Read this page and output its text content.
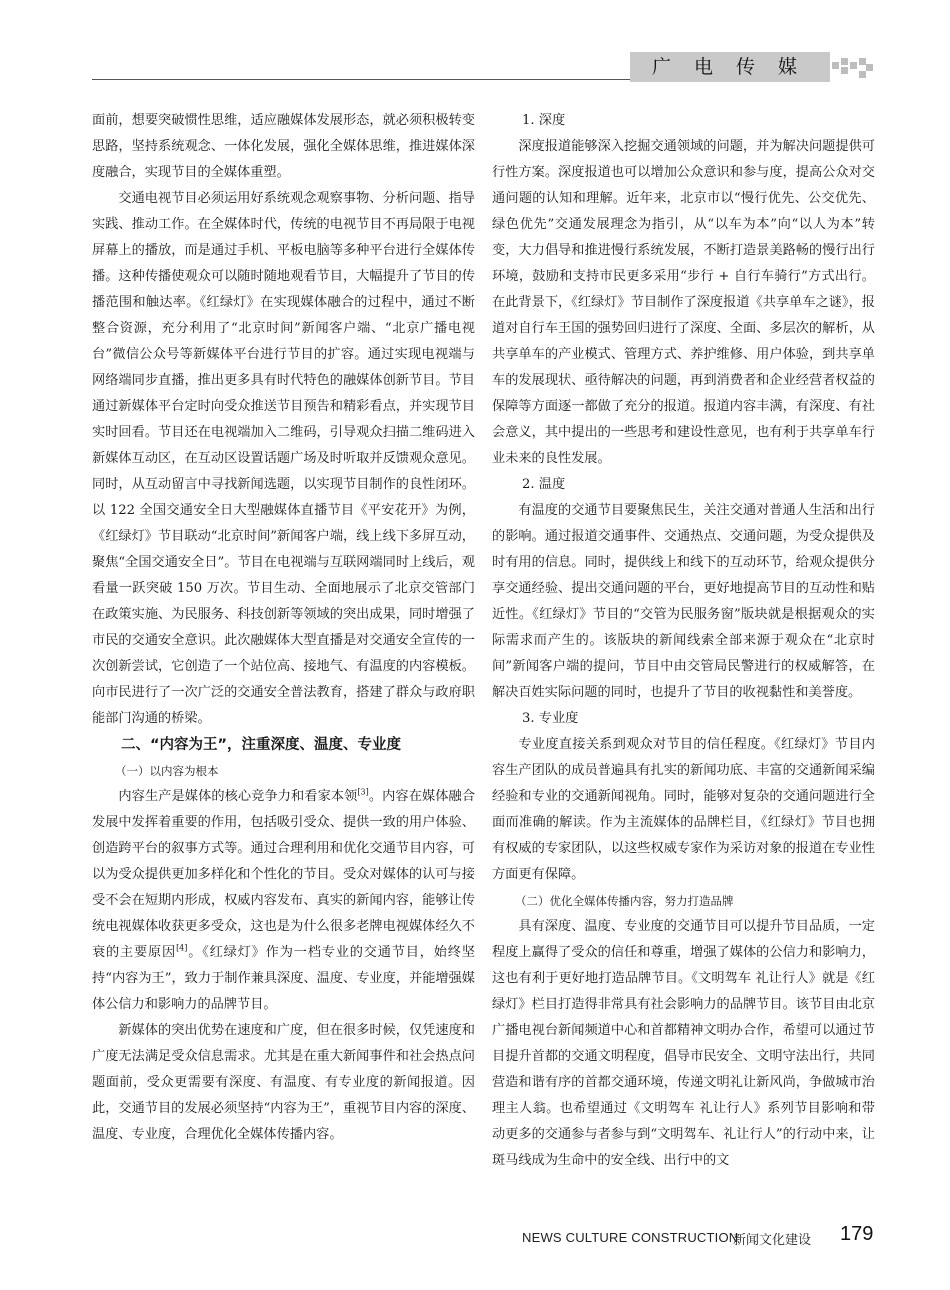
广电传媒

面前，想要突破惯性思维，适应融媒体发展形态，就必须积极转变思路，坚持系统观念、一体化发展，强化全媒体思维，推进媒体深度融合，实现节目的全媒体重塑。

交通电视节目必须运用好系统观念观察事物、分析问题、指导实践、推动工作。在全媒体时代，传统的电视节目不再局限于电视屏幕上的播放，而是通过手机、平板电脑等多种平台进行全媒体传播。这种传播使观众可以随时随地观看节目，大幅提升了节目的传播范围和触达率。《红绿灯》在实现媒体融合的过程中，通过不断整合资源，充分利用了“北京时间”新闻客户端、“北京广播电视台”微信公众号等新媒体平台进行节目的扩容。通过实现电视端与网络端同步直播，推出更多具有时代特色的融媒体创新节目。节目通过新媒体平台定时向受众推送节目预告和精彩看点，并实现节目实时回看。节目还在电视端加入二维码，引导观众扫描二维码进入新媒体互动区，在互动区设置话题广场及时听取并反馈观众意见。同时，从互动留言中寻找新闻选题，以实现节目制作的良性闭环。以 122 全国交通安全日大型融媒体直播节目《平安花开》为例，《红绿灯》节目联动“北京时间”新闻客户端，线上线下多屏互动，聚焦“全国交通安全日”。节目在电视端与互联网端同时上线后，观看量一跃突破 150 万次。节目生动、全面地展示了北京交管部门在政策实施、为民服务、科技创新等领域的突出成果，同时增强了市民的交通安全意识。此次融媒体大型直播是对交通安全宣传的一次创新尝试，它创造了一个站位高、接地气、有温度的内容模板。向市民进行了一次广泛的交通安全普法教育，搭建了群众与政府职能部门沟通的桥梁。

二、“内容为王”，注重深度、温度、专业度

（一）以内容为根本

内容生产是媒体的核心竞争力和看家本领[3]。内容在媒体融合发展中发挥着重要的作用，包括吸引受众、提供一致的用户体验、创造跨平台的叙事方式等。通过合理利用和优化交通节目内容，可以为受众提供更加多样化和个性化的节目。受众对媒体的认可与接受不会在短期内形成，权威内容发布、真实的新闻内容，能够让传统电视媒体收获更多受众，这也是为什么很多老牌电视媒体经久不衰的主要原因[4]。《红绿灯》作为一档专业的交通节目，始终坚持“内容为王”，致力于制作兼具深度、温度、专业度，并能增强媒体公信力和影响力的品牌节目。

新媒体的突出优势在速度和广度，但在很多时候，仅凭速度和广度无法满足受众信息需求。尤其是在重大新闻事件和社会热点问题面前，受众更需要有深度、有温度、有专业度的新闻报道。因此，交通节目的发展必须坚持“内容为王”，重视节目内容的深度、温度、专业度，合理优化全媒体传播内容。

1. 深度

深度报道能够深入挖掘交通领域的问题，并为解决问题提供可行性方案。深度报道也可以增加公众意识和参与度，提高公众对交通问题的认知和理解。近年来，北京市以“慢行优先、公交优先、绿色优先”交通发展理念为指引，从“以车为本”向“以人为本”转变，大力倡导和推进慢行系统发展，不断打造景美路畅的慢行出行环境，鼓励和支持市民更多采用“步行 + 自行车骑行”方式出行。在此背景下，《红绿灯》节目制作了深度报道《共享单车之谜》，报道对自行车王国的强势回归进行了深度、全面、多层次的解析，从共享单车的产业模式、管理方式、养护维修、用户体验，到共享单车的发展现状、亟待解决的问题，再到消费者和企业经营者权益的保障等方面逐一都做了充分的报道。报道内容丰满，有深度、有社会意义，其中提出的一些思考和建设性意见，也有利于共享单车行业未来的良性发展。

2. 温度

有温度的交通节目要聚焦民生，关注交通对普通人生活和出行的影响。通过报道交通事件、交通热点、交通问题，为受众提供及时有用的信息。同时，提供线上和线下的互动环节，给观众提供分享交通经验、提出交通问题的平台，更好地提高节目的互动性和贴近性。《红绿灯》节目的“交管为民服务窗”版块就是根据观众的实际需求而产生的。该版块的新闻线索全部来源于观众在“北京时间”新闻客户端的提问，节目中由交管局民警进行的权威解答，在解决百姓实际问题的同时，也提升了节目的收视黏性和美誉度。

3. 专业度

专业度直接关系到观众对节目的信任程度。《红绿灯》节目内容生产团队的成员普遍具有扎实的新闻功底、丰富的交通新闻采编经验和专业的交通新闻视角。同时，能够对复杂的交通问题进行全面而准确的解读。作为主流媒体的品牌栏目，《红绿灯》节目也拥有权威的专家团队，以这些权威专家作为采访对象的报道在专业性方面更有保障。

（二）优化全媒体传播内容，努力打造品牌

具有深度、温度、专业度的交通节目可以提升节目品质，一定程度上赢得了受众的信任和尊重，增强了媒体的公信力和影响力，这也有利于更好地打造品牌节目。《文明驾车 礼让行人》就是《红绿灯》栏目打造得非常具有社会影响力的品牌节目。该节目由北京广播电视台新闻频道中心和首都精神文明办合作，希望可以通过节目提升首都的交通文明程度，倡导市民安全、文明守法出行，共同营造和谐有序的首都交通环境，传递文明礼让新风尚，争做城市治理主人翁。也希望通过《文明驾车 礼让行人》系列节目影响和带动更多的交通参与者参与到“文明驾车、礼让行人”的行动中来，让斑马线成为生命中的安全线、出行中的文

NEWS CULTURE CONSTRUCTION
新闻文化建设 179
